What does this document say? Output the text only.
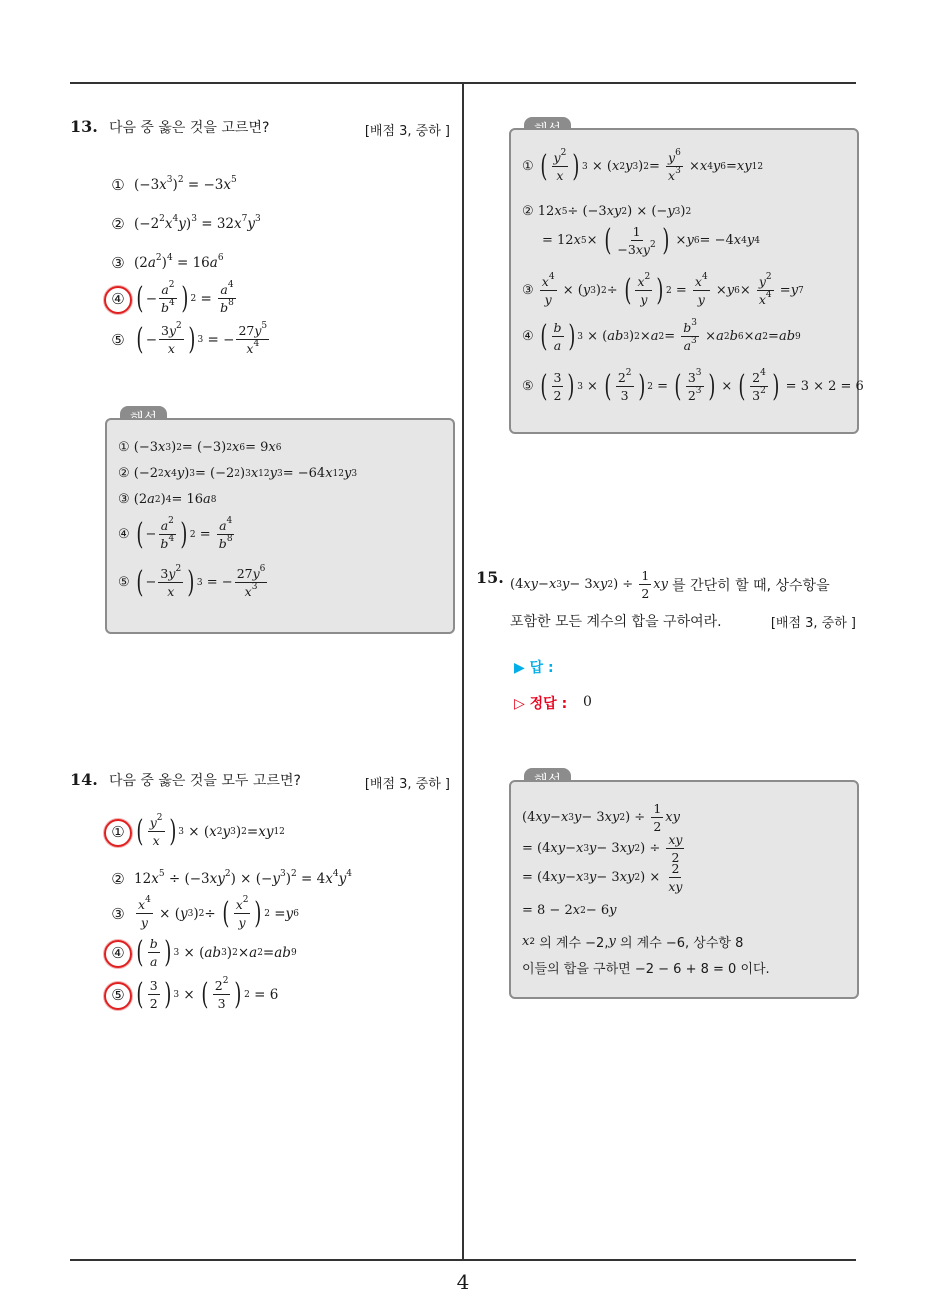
13. 다음 중 옳은 것을 고르면?	[배점 3, 중하 ]
① $(-3x^3)^2 = -3x^5$
② $(-2^2x^4y)^3 = 32x^7y^3$
③ $(2a^2)^4 = 16a^6$
④ ( − $\frac{a^2}{b^4}$ ) $2 = \frac{a^4}{b^8}$
⑤ ( − $\frac{3y^2}{x}$ ) 3 = − $\frac{27y^5}{x^4}$
① (−3 x 3 ) 2 = (−3) 2 x 6 = 9 x 6
② (−2 2 x 4 y ) 3 = (−2 2 ) 3 x 12 y 3 = −64 x 12 y 3
③ (2 a 2 ) 4 = 16 a 8
④ ( − $\frac{a^2}{b^4}$ ) $2 = \frac{a^4}{b^8}$
⑤ ( − $\frac{3y^2}{x}$ ) 3 = − $\frac{27y^6}{x^3}$
14. 다음 중 옳은 것을 모두 고르면?	[배점 3, 중하 ]
① ( $\frac{y^2}{x}$ ) 3 × ( x 2 y 3 ) 2 = xy 12
② $12x^5 \div (-3xy^2) \times (-y^3)^2 = 4x^4y^4$
③ $\frac{x^4}{y}$ × ( y 3 ) 2 ÷ ( $\frac{x^2}{y}$ ) 2 = y 6
④ ( $\frac{b}{a}$ ) 3 × ( ab 3 ) 2 × a 2 = ab 9
⑤ ( $\frac{3}{2}$ ) 3 × ( $\frac{2^2}{3}$ ) 2 = 6
① ( $\frac{y^2}{x}$ ) 3 × ( x 2 y 3 ) $2 = \frac{y^6}{x^3} \times x$ 4 y 6 = xy 12
② 12 x 5 ÷ (−3 xy 2 ) × (− y 3 ) 2
= 12 x 5 × ( $\frac{1}{-3xy^2}$ ) × y 6 = −4 x 4 y 4
③ $\frac{x^4}{y}$ × ( y 3 ) 2 ÷ ( $\frac{x^2}{y}$ ) $2 = \frac{x^4}{y} \times y$ $6 \times \frac{y^2}{x^4} = y$ 7
④ ( $\frac{b}{a}$ ) 3 × ( ab 3 ) 2 × a $2 = \frac{b^3}{a^3} \times a$ 2 b 6 × a 2 = ab 9
⑤ ( $\frac{3}{2}$ ) 3 × ( $\frac{2^2}{3}$ ) 2 = ( $\frac{3^3}{2^3}$ ) × ( $\frac{2^4}{3^2}$ ) = 3 × 2 = 6
15. (4 xy − x 3 y − 3 xy 2 ) ÷ $\frac{1}{2}$ xy
를 간단히 할 때, 상수항을
포함한 모든 계수의 합을 구하여라.	[배점 3, 중하 ]
▶ 답 :
▷ 정답 : 0
(4 xy − x 3 y − 3 xy 2 ) ÷ $\frac{1}{2}$ xy
= (4 xy − x 3 y − 3 xy 2 ) ÷ $\frac{xy}{2}$
= (4 xy − x 3 y − 3 xy 2 ) × $\frac{2}{xy}$
= 8 − 2 x 2 − 6 y
x 2 의 계수 −2, y 의 계수 −6, 상수항 8
이들의 합을 구하면 −2 − 6 + 8 = 0 이다.
4
